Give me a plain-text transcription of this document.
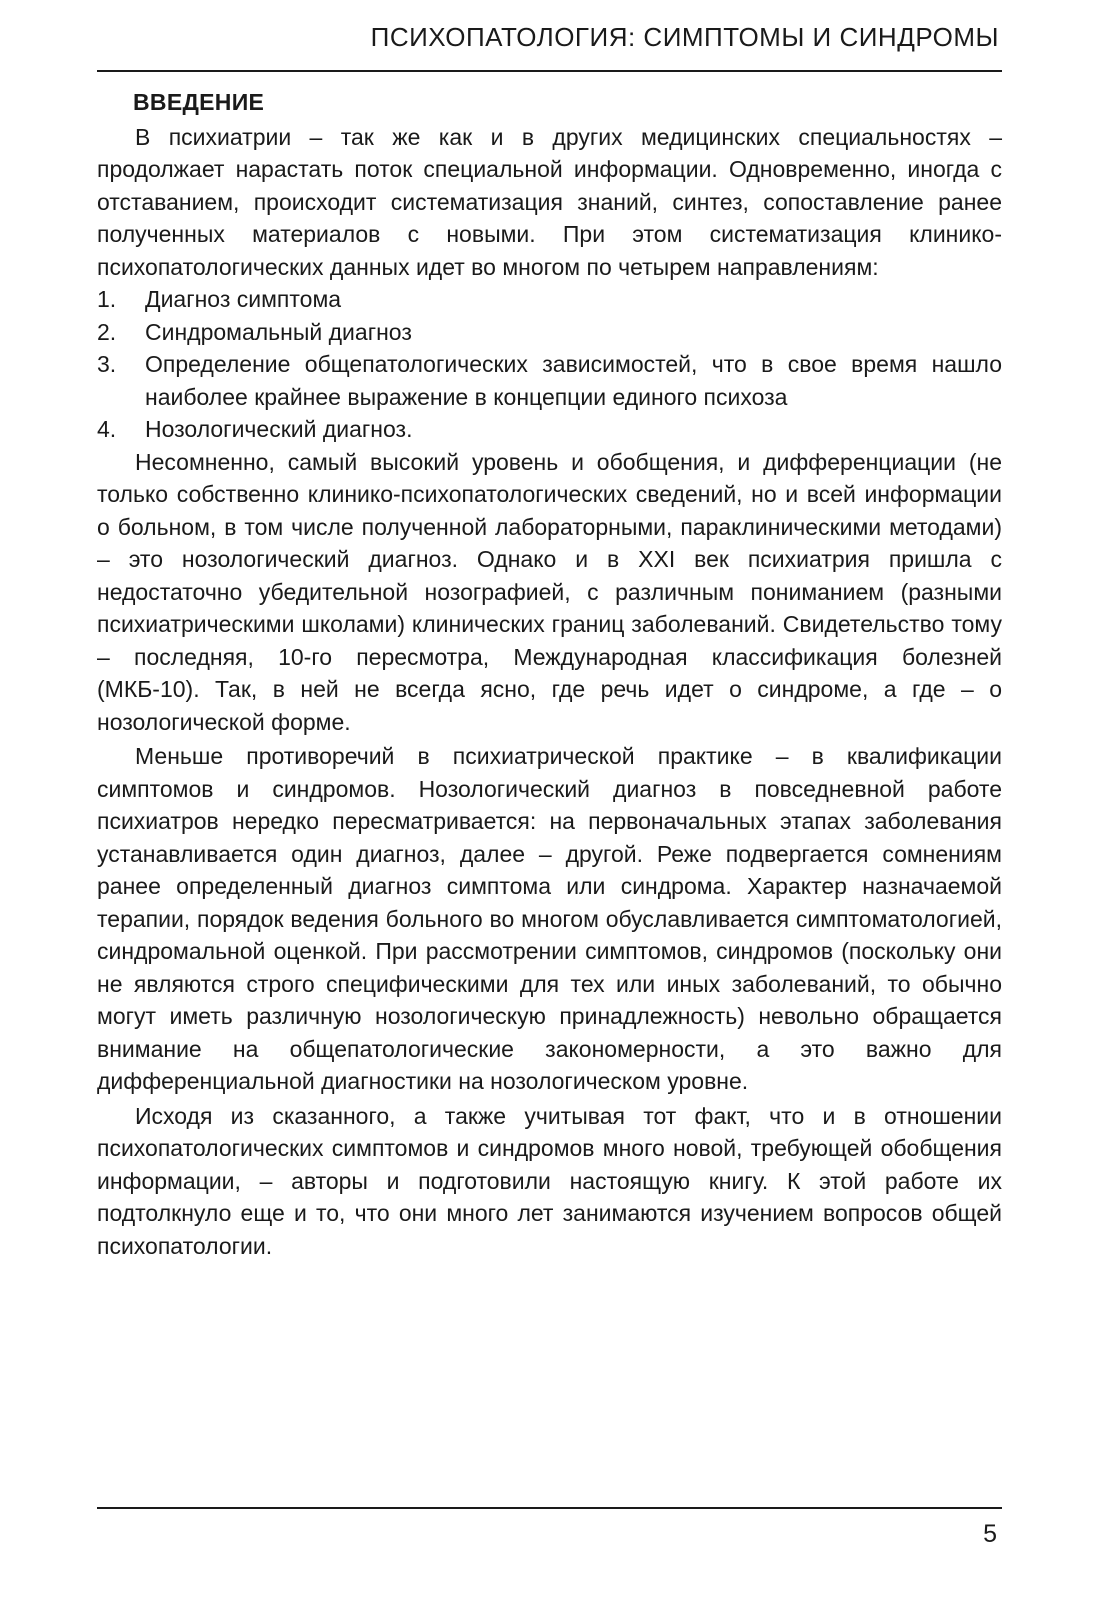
ПСИХОПАТОЛОГИЯ: СИМПТОМЫ И СИНДРОМЫ
ВВЕДЕНИЕ

В психиатрии – так же как и в других медицинских специальностях – продолжает нарастать поток специальной информации. Одновременно, иногда с отставанием, происходит систематизация знаний, синтез, сопоставление ранее полученных материалов с новыми. При этом систематизация клинико-психопатологических данных идет во многом по четырем направлениям:

1.	Диагноз симптома
2.	Синдромальный диагноз
3.	Определение общепатологических зависимостей, что в свое время нашло наиболее крайнее выражение в концепции единого психоза
4.	Нозологический диагноз.

Несомненно, самый высокий уровень и обобщения, и дифференциации (не только собственно клинико-психопатологических сведений, но и всей информации о больном, в том числе полученной лабораторными, параклиническими методами) – это нозологический диагноз. Однако и в XXI век психиатрия пришла с недостаточно убедительной нозографией, с различным пониманием (разными психиатрическими школами) клинических границ заболеваний. Свидетельство тому – последняя, 10-го пересмотра, Международная классификация болезней (МКБ-10). Так, в ней не всегда ясно, где речь идет о синдроме, а где – о нозологической форме.

Меньше противоречий в психиатрической практике – в квалификации симптомов и синдромов. Нозологический диагноз в повседневной работе психиатров нередко пересматривается: на первоначальных этапах заболевания устанавливается один диагноз, далее – другой. Реже подвергается сомнениям ранее определенный диагноз симптома или синдрома. Характер назначаемой терапии, порядок ведения больного во многом обуславливается симптоматологией, синдромальной оценкой. При рассмотрении симптомов, синдромов (поскольку они не являются строго специфическими для тех или иных заболеваний, то обычно могут иметь различную нозологическую принадлежность) невольно обращается внимание на общепатологические закономерности, а это важно для дифференциальной диагностики на нозологическом уровне.

Исходя из сказанного, а также учитывая тот факт, что и в отношении психопатологических симптомов и синдромов много новой, требующей обобщения информации, – авторы и подготовили настоящую книгу. К этой работе их подтолкнуло еще и то, что они много лет занимаются изучением вопросов общей психопатологии.

5
